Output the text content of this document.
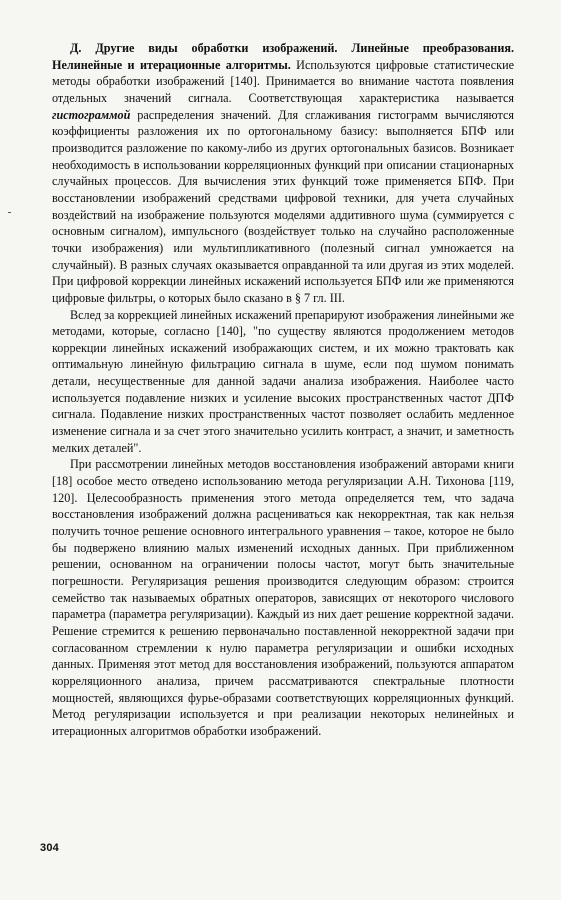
Д. Другие виды обработки изображений. Линейные преобразования. Нелинейные и итерационные алгоритмы. Используются цифровые статистические методы обработки изображений [140]. Принимается во внимание частота появления отдельных значений сигнала. Соответствующая характеристика называется гистограммой распределения значений. Для сглаживания гистограмм вычисляются коэффициенты разложения их по ортогональному базису: выполняется БПФ или производится разложение по какому-либо из других ортогональных базисов. Возникает необходимость в использовании корреляционных функций при описании стационарных случайных процессов. Для вычисления этих функций тоже применяется БПФ. При восстановлении изображений средствами цифровой техники, для учета случайных воздействий на изображение пользуются моделями аддитивного шума (суммируется с основным сигналом), импульсного (воздействует только на случайно расположенные точки изображения) или мультипликативного (полезный сигнал умножается на случайный). В разных случаях оказывается оправданной та или другая из этих моделей. При цифровой коррекции линейных искажений используется БПФ или же применяются цифровые фильтры, о которых было сказано в § 7 гл. III.

Вслед за коррекцией линейных искажений препарируют изображения линейными же методами, которые, согласно [140], "по существу являются продолжением методов коррекции линейных искажений изображающих систем, и их можно трактовать как оптимальную линейную фильтрацию сигнала в шуме, если под шумом понимать детали, несущественные для данной задачи анализа изображения. Наиболее часто используется подавление низких и усиление высоких пространственных частот ДПФ сигнала. Подавление низких пространственных частот позволяет ослабить медленное изменение сигнала и за счет этого значительно усилить контраст, а значит, и заметность мелких деталей".

При рассмотрении линейных методов восстановления изображений авторами книги [18] особое место отведено использованию метода регуляризации А.Н. Тихонова [119, 120]. Целесообразность применения этого метода определяется тем, что задача восстановления изображений должна расцениваться как некорректная, так как нельзя получить точное решение основного интегрального уравнения – такое, которое не было бы подвержено влиянию малых изменений исходных данных. При приближенном решении, основанном на ограничении полосы частот, могут быть значительные погрешности. Регуляризация решения производится следующим образом: строится семейство так называемых обратных операторов, зависящих от некоторого числового параметра (параметра регуляризации). Каждый из них дает решение корректной задачи. Решение стремится к решению первоначально поставленной некорректной задачи при согласованном стремлении к нулю параметра регуляризации и ошибки исходных данных. Применяя этот метод для восстановления изображений, пользуются аппаратом корреляционного анализа, причем рассматриваются спектральные плотности мощностей, являющихся фурье-образами соответствующих корреляционных функций. Метод регуляризации используется и при реализации некоторых нелинейных и итерационных алгоритмов обработки изображений.

304
